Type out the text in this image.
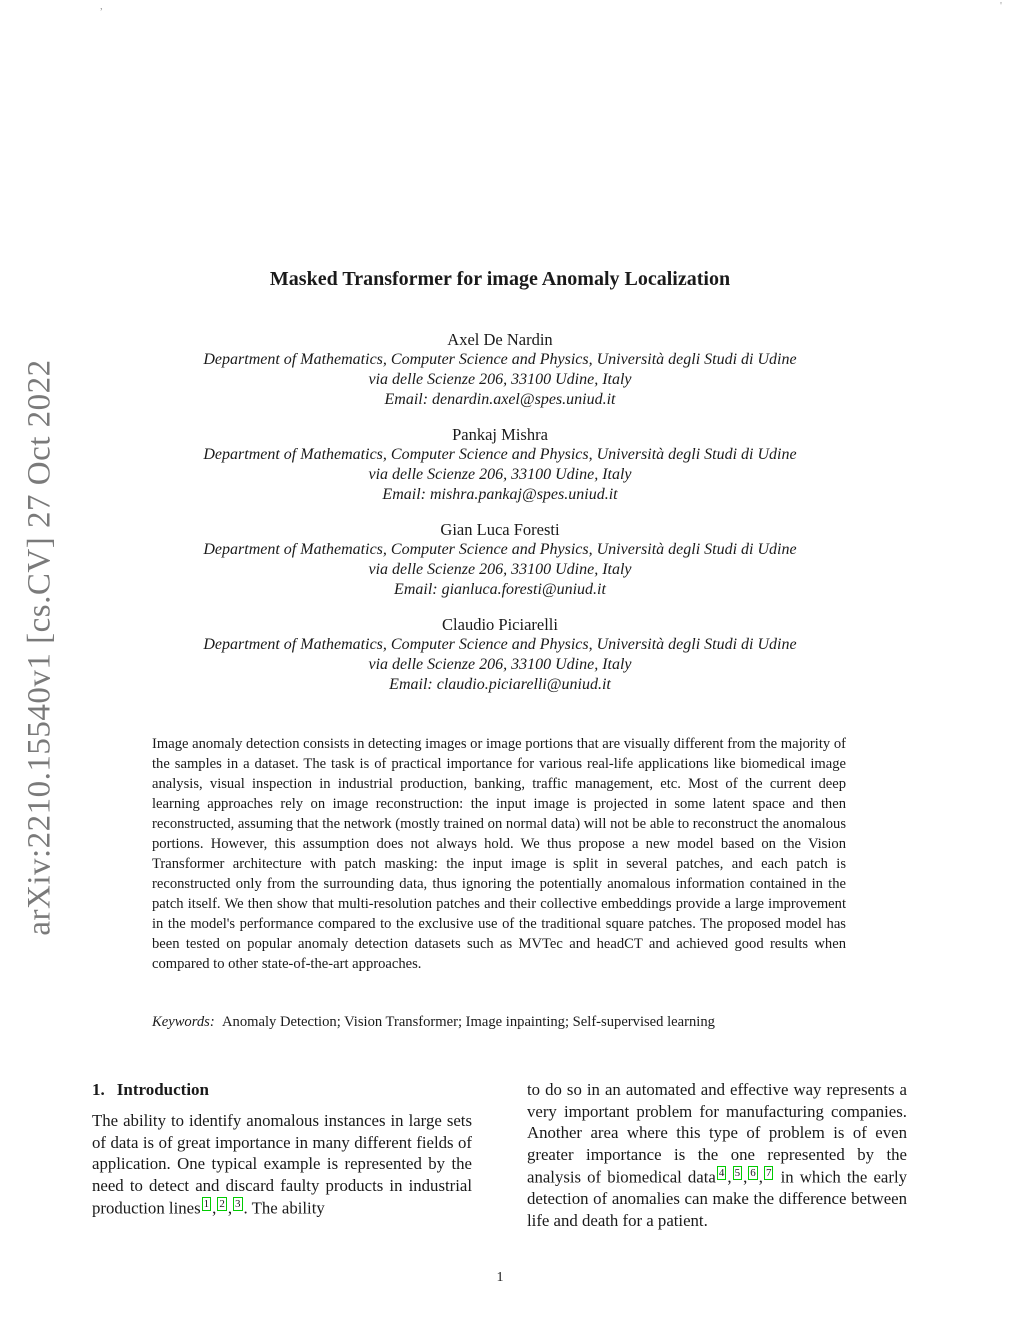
,	'
arXiv:2210.15540v1 [cs.CV] 27 Oct 2022
Masked Transformer for image Anomaly Localization
Axel De Nardin
Department of Mathematics, Computer Science and Physics, Università degli Studi di Udine
via delle Scienze 206, 33100 Udine, Italy
Email: denardin.axel@spes.uniud.it
Pankaj Mishra
Department of Mathematics, Computer Science and Physics, Università degli Studi di Udine
via delle Scienze 206, 33100 Udine, Italy
Email: mishra.pankaj@spes.uniud.it
Gian Luca Foresti
Department of Mathematics, Computer Science and Physics, Università degli Studi di Udine
via delle Scienze 206, 33100 Udine, Italy
Email: gianluca.foresti@uniud.it
Claudio Piciarelli
Department of Mathematics, Computer Science and Physics, Università degli Studi di Udine
via delle Scienze 206, 33100 Udine, Italy
Email: claudio.piciarelli@uniud.it
Image anomaly detection consists in detecting images or image portions that are visually different from the majority of the samples in a dataset. The task is of practical importance for various real-life applications like biomedical image analysis, visual inspection in industrial production, banking, traffic management, etc. Most of the current deep learning approaches rely on image reconstruction: the input image is projected in some latent space and then reconstructed, assuming that the network (mostly trained on normal data) will not be able to reconstruct the anomalous portions. However, this assumption does not always hold. We thus propose a new model based on the Vision Transformer architecture with patch masking: the input image is split in several patches, and each patch is reconstructed only from the surrounding data, thus ignoring the potentially anomalous information contained in the patch itself. We then show that multi-resolution patches and their collective embeddings provide a large improvement in the model's performance compared to the exclusive use of the traditional square patches. The proposed model has been tested on popular anomaly detection datasets such as MVTec and headCT and achieved good results when compared to other state-of-the-art approaches.
Keywords: Anomaly Detection; Vision Transformer; Image inpainting; Self-supervised learning
1. Introduction
The ability to identify anomalous instances in large sets of data is of great importance in many different fields of application. One typical example is represented by the need to detect and discard faulty products in industrial production lines 1 , 2 , 3 . The ability
to do so in an automated and effective way represents a very important problem for manufacturing companies. Another area where this type of problem is of even greater importance is the one represented by the analysis of biomedical data 4 , 5 , 6 , 7 in which the early detection of anomalies can make the difference between life and death for a patient.
1
